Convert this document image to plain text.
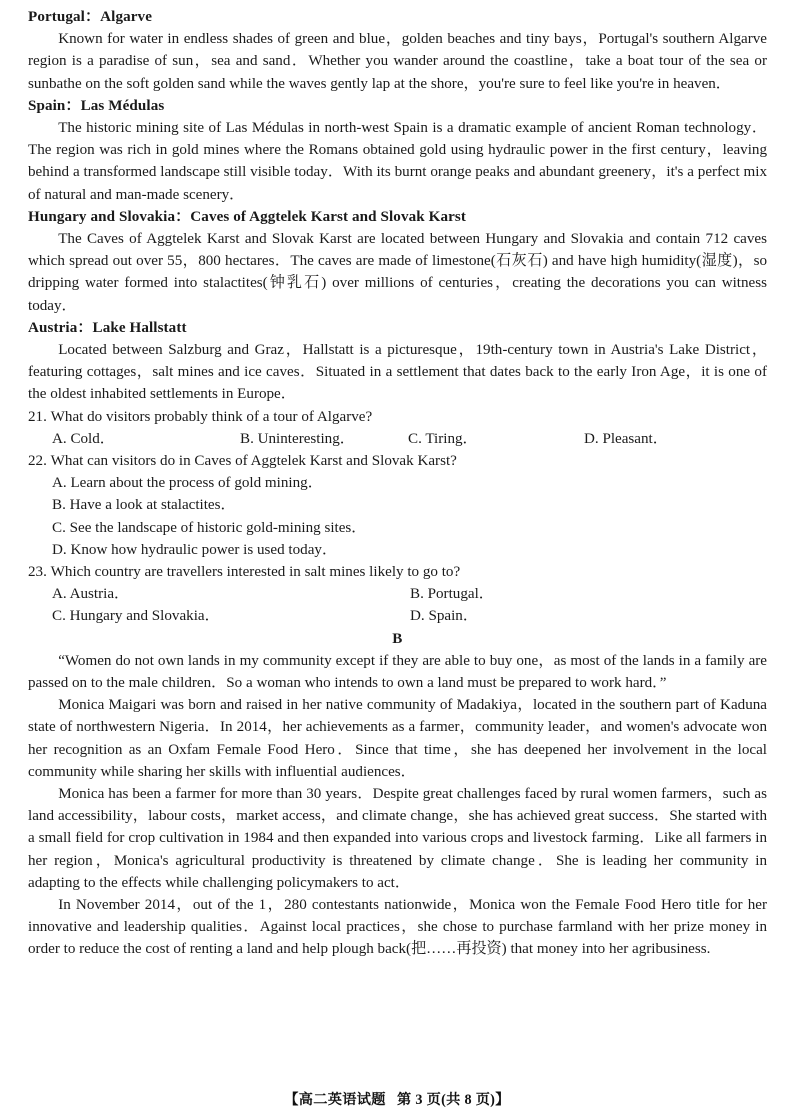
Portugal：Algarve

Known for water in endless shades of green and blue，golden beaches and tiny bays，Portugal's southern Algarve region is a paradise of sun，sea and sand．Whether you wander around the coastline，take a boat tour of the sea or sunbathe on the soft golden sand while the waves gently lap at the shore，you're sure to feel like you're in heaven．

Spain：Las Médulas

The historic mining site of Las Médulas in north-west Spain is a dramatic example of ancient Roman technology．The region was rich in gold mines where the Romans obtained gold using hydraulic power in the first century，leaving behind a transformed landscape still visible today．With its burnt orange peaks and abundant greenery，it's a perfect mix of natural and man-made scenery．

Hungary and Slovakia：Caves of Aggtelek Karst and Slovak Karst

The Caves of Aggtelek Karst and Slovak Karst are located between Hungary and Slovakia and contain 712 caves which spread out over 55，800 hectares．The caves are made of limestone(石灰石) and have high humidity(湿度)，so dripping water formed into stalactites(钟乳石) over millions of centuries，creating the decorations you can witness today．

Austria：Lake Hallstatt

Located between Salzburg and Graz，Hallstatt is a picturesque，19th-century town in Austria's Lake District，featuring cottages，salt mines and ice caves．Situated in a settlement that dates back to the early Iron Age，it is one of the oldest inhabited settlements in Europe．

21. What do visitors probably think of a tour of Algarve?

A. Cold．	B. Uninteresting．	C. Tiring．	D. Pleasant．

22. What can visitors do in Caves of Aggtelek Karst and Slovak Karst?

A. Learn about the process of gold mining．
B. Have a look at stalactites．
C. See the landscape of historic gold-mining sites．
D. Know how hydraulic power is used today．

23. Which country are travellers interested in salt mines likely to go to?

A. Austria．	B. Portugal．
C. Hungary and Slovakia．	D. Spain．
B

“Women do not own lands in my community except if they are able to buy one，as most of the lands in a family are passed on to the male children．So a woman who intends to own a land must be prepared to work hard．”

Monica Maigari was born and raised in her native community of Madakiya，located in the southern part of Kaduna state of northwestern Nigeria．In 2014，her achievements as a farmer，community leader，and women's advocate won her recognition as an Oxfam Female Food Hero．Since that time，she has deepened her involvement in the local community while sharing her skills with influential audiences．

Monica has been a farmer for more than 30 years．Despite great challenges faced by rural women farmers，such as land accessibility，labour costs，market access，and climate change，she has achieved great success．She started with a small field for crop cultivation in 1984 and then expanded into various crops and livestock farming．Like all farmers in her region，Monica's agricultural productivity is threatened by climate change．She is leading her community in adapting to the effects while challenging policymakers to act．

In November 2014，out of the 1，280 contestants nationwide，Monica won the Female Food Hero title for her innovative and leadership qualities．Against local practices，she chose to purchase farmland with her prize money in order to reduce the cost of renting a land and help plough back(把……再投资) that money into her agribusiness.

【高二英语试题 第 3 页(共 8 页)】
